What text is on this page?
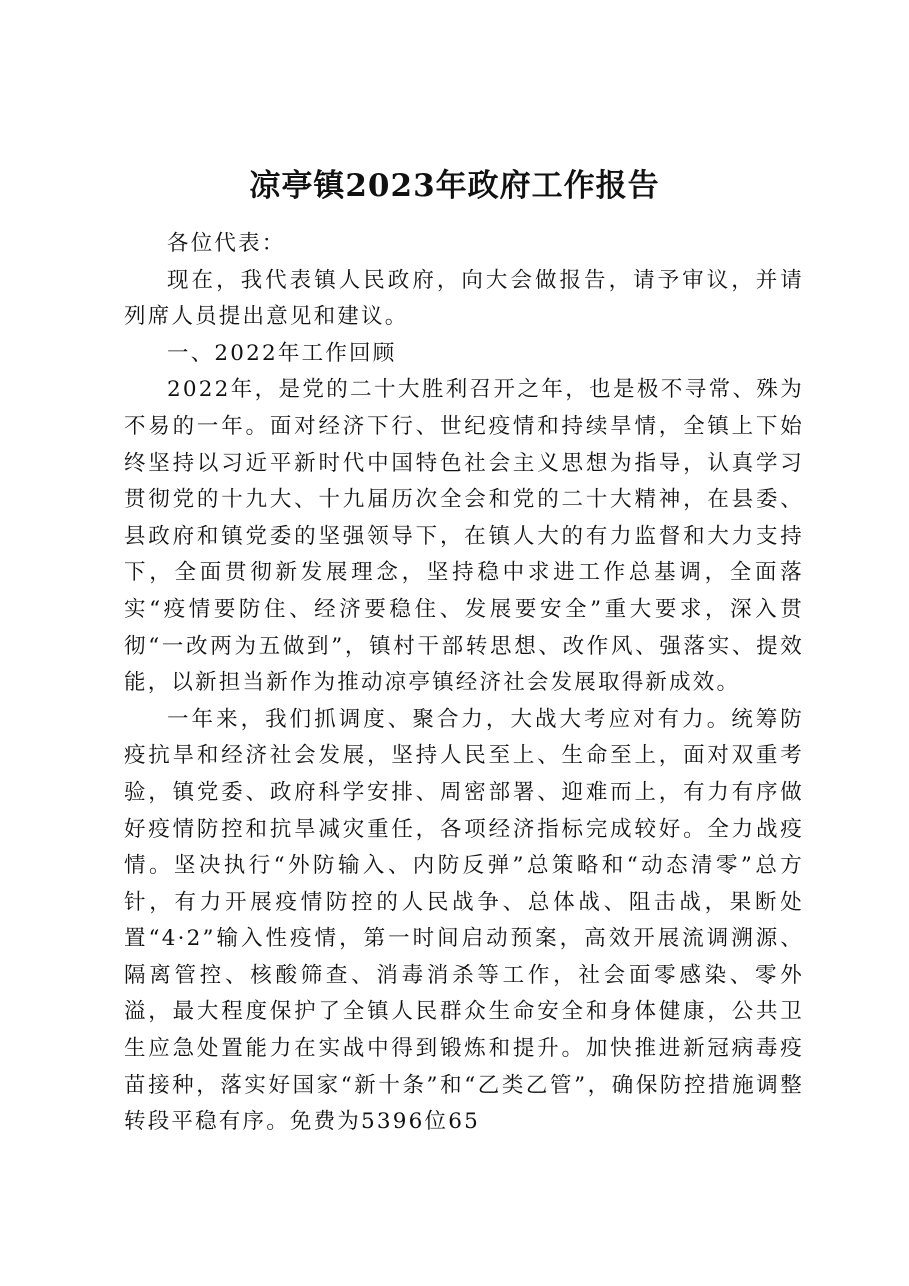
凉亭镇2023年政府工作报告

各位代表：

现在，我代表镇人民政府，向大会做报告，请予审议，并请列席人员提出意见和建议。

一、2022年工作回顾

2022年，是党的二十大胜利召开之年，也是极不寻常、殊为不易的一年。面对经济下行、世纪疫情和持续旱情，全镇上下始终坚持以习近平新时代中国特色社会主义思想为指导，认真学习贯彻党的十九大、十九届历次全会和党的二十大精神，在县委、县政府和镇党委的坚强领导下，在镇人大的有力监督和大力支持下，全面贯彻新发展理念，坚持稳中求进工作总基调，全面落实“疫情要防住、经济要稳住、发展要安全”重大要求，深入贯彻“一改两为五做到”，镇村干部转思想、改作风、强落实、提效能，以新担当新作为推动凉亭镇经济社会发展取得新成效。

一年来，我们抓调度、聚合力，大战大考应对有力。统筹防疫抗旱和经济社会发展，坚持人民至上、生命至上，面对双重考验，镇党委、政府科学安排、周密部署、迎难而上，有力有序做好疫情防控和抗旱减灾重任，各项经济指标完成较好。全力战疫情。坚决执行“外防输入、内防反弹”总策略和“动态清零”总方针，有力开展疫情防控的人民战争、总体战、阻击战，果断处置“4·2”输入性疫情，第一时间启动预案，高效开展流调溯源、隔离管控、核酸筛查、消毒消杀等工作，社会面零感染、零外溢，最大程度保护了全镇人民群众生命安全和身体健康，公共卫生应急处置能力在实战中得到锻炼和提升。加快推进新冠病毒疫苗接种，落实好国家“新十条”和“乙类乙管”，确保防控措施调整转段平稳有序。免费为5396位65
